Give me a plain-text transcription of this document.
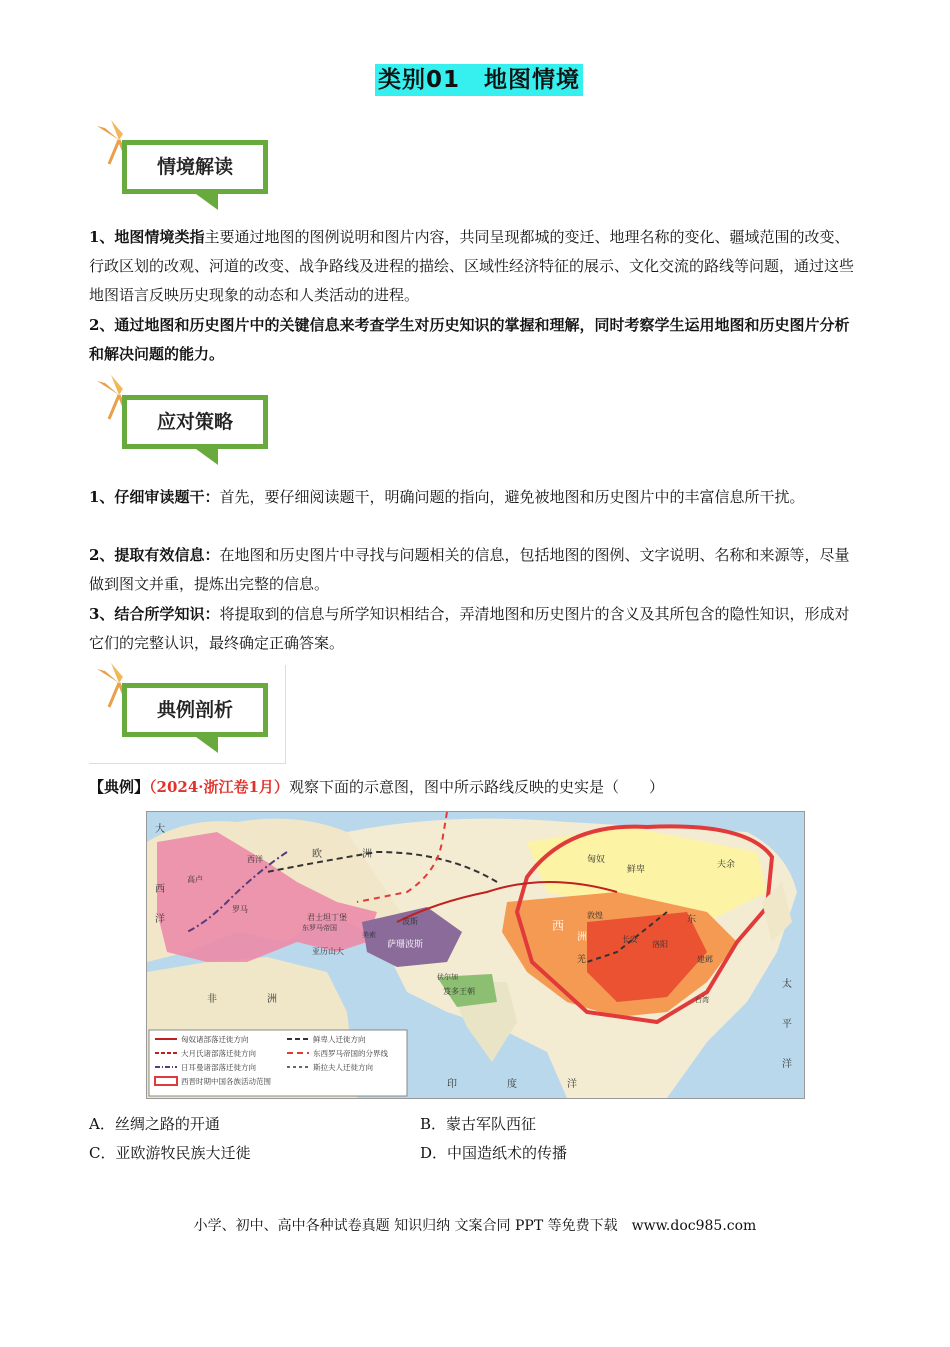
类别01　地图情境
情境解读
1、地图情境类指主要通过地图的图例说明和图片内容，共同呈现都城的变迁、地理名称的变化、疆域范围的改变、行政区划的改观、河道的改变、战争路线及进程的描绘、区域性经济特征的展示、文化交流的路线等问题，通过这些地图语言反映历史现象的动态和人类活动的进程。
2、通过地图和历史图片中的关键信息来考查学生对历史知识的掌握和理解，同时考察学生运用地图和历史图片分析和解决问题的能力。
应对策略
1、仔细审读题干：首先，要仔细阅读题干，明确问题的指向，避免被地图和历史图片中的丰富信息所干扰。
2、提取有效信息：在地图和历史图片中寻找与问题相关的信息，包括地图的图例、文字说明、名称和来源等，尽量做到图文并重，提炼出完整的信息。
3、结合所学知识：将提取到的信息与所学知识相结合，弄清地图和历史图片的含义及其所包含的隐性知识，形成对它们的完整认识，最终确定正确答案。
典例剖析
【典例】（2024·浙江卷1月）观察下面的示意图，图中所示路线反映的史实是（　　）
大
西
洋
欧	洲
非	洲
印	度	洋
太
平
洋
西
洲
君士坦丁堡
亚历山大
萨珊波斯
笈多王朝
伏尔加
长安
洛阳
敦煌
台湾
鲜卑	夫余
匈奴
高卢
罗马
东罗马帝国
波斯	东
羌
西洋
美索
建邺
匈奴诸部落迁徙方向
大月氏诸部落迁徙方向
日耳曼诸部落迁徙方向
西晋时期中国各族活动范围
鲜卑人迁徙方向
东西罗马帝国的分界线
斯拉夫人迁徙方向
A．丝绸之路的开通	B．蒙古军队西征
C．亚欧游牧民族大迁徙	D．中国造纸术的传播
小学、初中、高中各种试卷真题 知识归纳 文案合同 PPT 等免费下载　www.doc985.com
